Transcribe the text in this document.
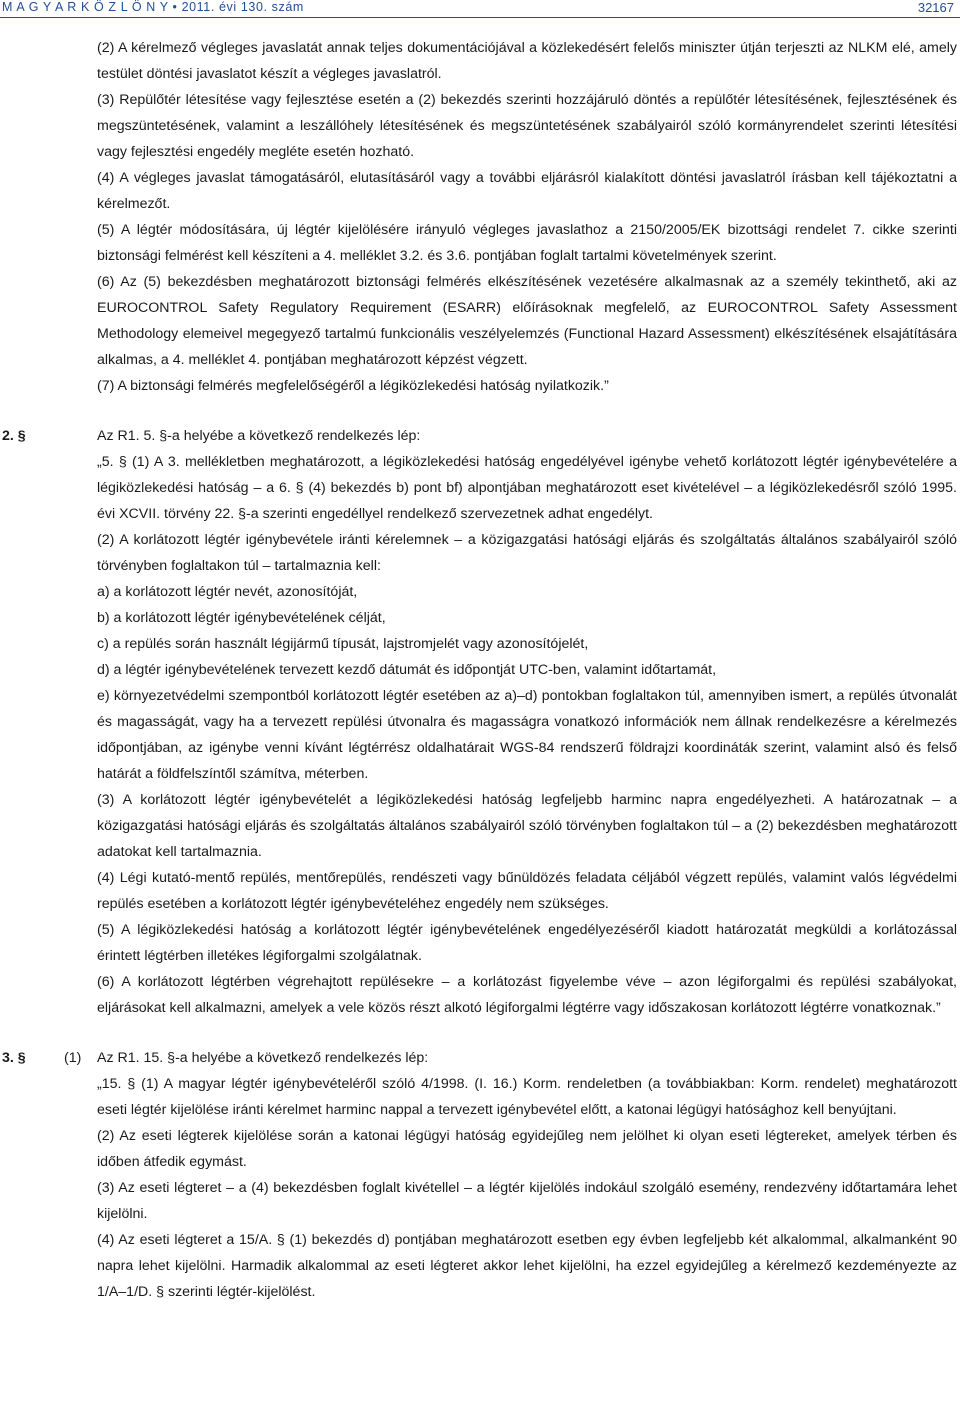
M A G Y A R K Ö Z L Ö N Y • 2011. évi 130. szám	32167

(2) A kérelmező végleges javaslatát annak teljes dokumentációjával a közlekedésért felelős miniszter útján terjeszti az NLKM elé, amely testület döntési javaslatot készít a végleges javaslatról.

(3) Repülőtér létesítése vagy fejlesztése esetén a (2) bekezdés szerinti hozzájáruló döntés a repülőtér létesítésének, fejlesztésének és megszüntetésének, valamint a leszállóhely létesítésének és megszüntetésének szabályairól szóló kormányrendelet szerinti létesítési vagy fejlesztési engedély megléte esetén hozható.

(4) A végleges javaslat támogatásáról, elutasításáról vagy a további eljárásról kialakított döntési javaslatról írásban kell tájékoztatni a kérelmezőt.

(5) A légtér módosítására, új légtér kijelölésére irányuló végleges javaslathoz a 2150/2005/EK bizottsági rendelet 7. cikke szerinti biztonsági felmérést kell készíteni a 4. melléklet 3.2. és 3.6. pontjában foglalt tartalmi követelmények szerint.

(6) Az (5) bekezdésben meghatározott biztonsági felmérés elkészítésének vezetésére alkalmasnak az a személy tekinthető, aki az EUROCONTROL Safety Regulatory Requirement (ESARR) előírásoknak megfelelő, az EUROCONTROL Safety Assessment Methodology elemeivel megegyező tartalmú funkcionális veszélyelemzés (Functional Hazard Assessment) elkészítésének elsajátítására alkalmas, a 4. melléklet 4. pontjában meghatározott képzést végzett.

(7) A biztonsági felmérés megfelelőségéről a légiközlekedési hatóság nyilatkozik.”

2. §	Az R1. 5. §-a helyébe a következő rendelkezés lép:

„5. § (1) A 3. mellékletben meghatározott, a légiközlekedési hatóság engedélyével igénybe vehető korlátozott légtér igénybevételére a légiközlekedési hatóság – a 6. § (4) bekezdés b) pont bf) alpontjában meghatározott eset kivételével – a légiközlekedésről szóló 1995. évi XCVII. törvény 22. §-a szerinti engedéllyel rendelkező szervezetnek adhat engedélyt.

(2) A korlátozott légtér igénybevétele iránti kérelemnek – a közigazgatási hatósági eljárás és szolgáltatás általános szabályairól szóló törvényben foglaltakon túl – tartalmaznia kell:

a) a korlátozott légtér nevét, azonosítóját,

b) a korlátozott légtér igénybevételének célját,

c) a repülés során használt légijármű típusát, lajstromjelét vagy azonosítójelét,

d) a légtér igénybevételének tervezett kezdő dátumát és időpontját UTC-ben, valamint időtartamát,

e) környezetvédelmi szempontból korlátozott légtér esetében az a)–d) pontokban foglaltakon túl, amennyiben ismert, a repülés útvonalát és magasságát, vagy ha a tervezett repülési útvonalra és magasságra vonatkozó információk nem állnak rendelkezésre a kérelmezés időpontjában, az igénybe venni kívánt légtérrész oldalhatárait WGS-84 rendszerű földrajzi koordináták szerint, valamint alsó és felső határát a földfelszíntől számítva, méterben.

(3) A korlátozott légtér igénybevételét a légiközlekedési hatóság legfeljebb harminc napra engedélyezheti. A határozatnak – a közigazgatási hatósági eljárás és szolgáltatás általános szabályairól szóló törvényben foglaltakon túl – a (2) bekezdésben meghatározott adatokat kell tartalmaznia.

(4) Légi kutató-mentő repülés, mentőrepülés, rendészeti vagy bűnüldözés feladata céljából végzett repülés, valamint valós légvédelmi repülés esetében a korlátozott légtér igénybevételéhez engedély nem szükséges.

(5) A légiközlekedési hatóság a korlátozott légtér igénybevételének engedélyezéséről kiadott határozatát megküldi a korlátozással érintett légtérben illetékes légiforgalmi szolgálatnak.

(6) A korlátozott légtérben végrehajtott repülésekre – a korlátozást figyelembe véve – azon légiforgalmi és repülési szabályokat, eljárásokat kell alkalmazni, amelyek a vele közös részt alkotó légiforgalmi légtérre vagy időszakosan korlátozott légtérre vonatkoznak.”

3. §	(1) Az R1. 15. §-a helyébe a következő rendelkezés lép:

„15. § (1) A magyar légtér igénybevételéről szóló 4/1998. (I. 16.) Korm. rendeletben (a továbbiakban: Korm. rendelet) meghatározott eseti légtér kijelölése iránti kérelmet harminc nappal a tervezett igénybevétel előtt, a katonai légügyi hatósághoz kell benyújtani.

(2) Az eseti légterek kijelölése során a katonai légügyi hatóság egyidejűleg nem jelölhet ki olyan eseti légtereket, amelyek térben és időben átfedik egymást.

(3) Az eseti légteret – a (4) bekezdésben foglalt kivétellel – a légtér kijelölés indokául szolgáló esemény, rendezvény időtartamára lehet kijelölni.

(4) Az eseti légteret a 15/A. § (1) bekezdés d) pontjában meghatározott esetben egy évben legfeljebb két alkalommal, alkalmanként 90 napra lehet kijelölni. Harmadik alkalommal az eseti légteret akkor lehet kijelölni, ha ezzel egyidejűleg a kérelmező kezdeményezte az 1/A–1/D. § szerinti légtér-kijelölést.
